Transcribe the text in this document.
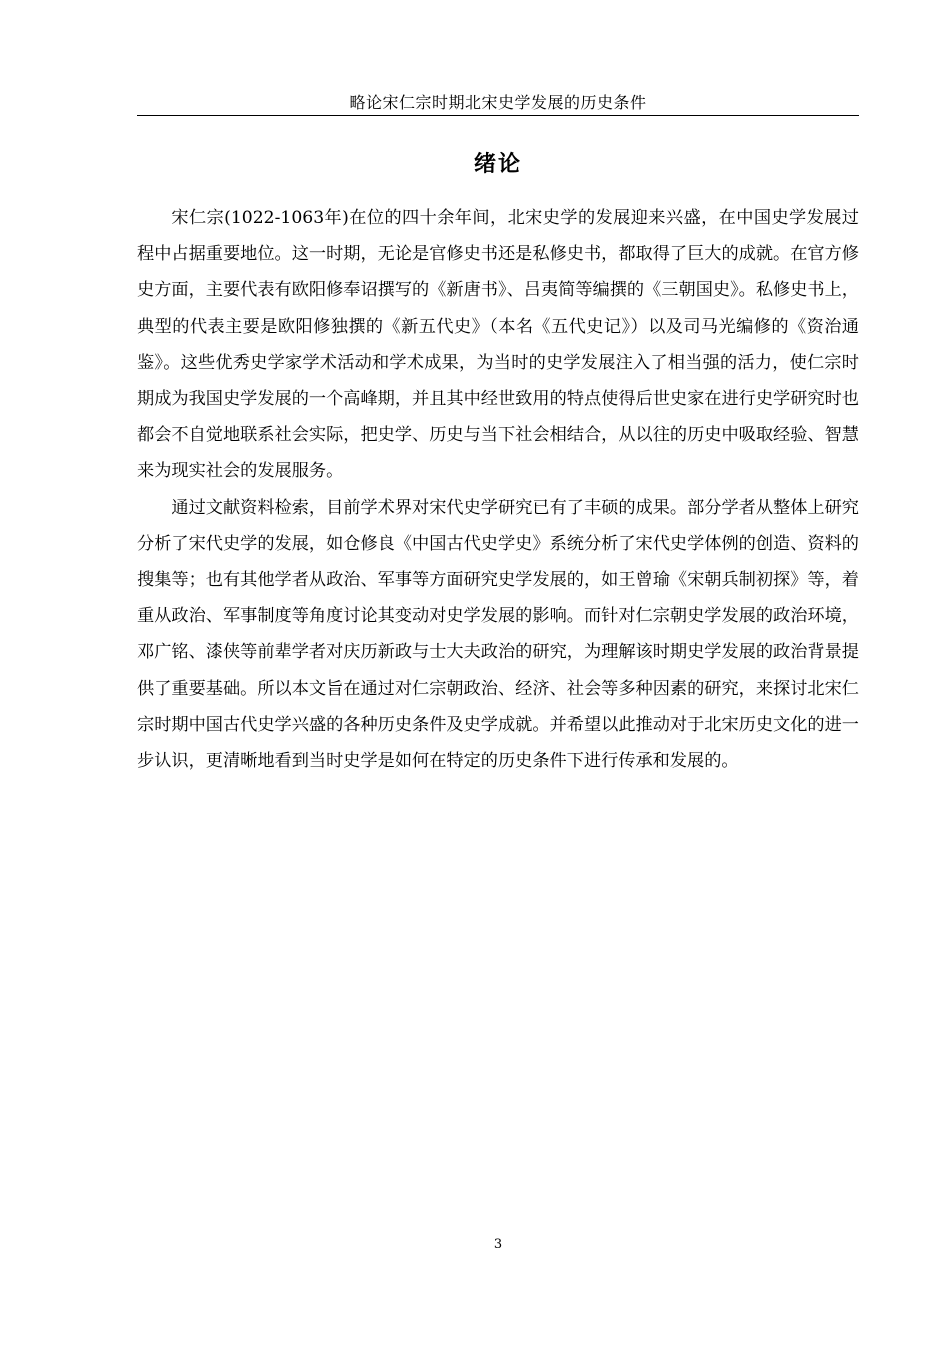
略论宋仁宗时期北宋史学发展的历史条件
绪论

宋仁宗(1022-1063年)在位的四十余年间，北宋史学的发展迎来兴盛，在中国史学发展过程中占据重要地位。这一时期，无论是官修史书还是私修史书，都取得了巨大的成就。在官方修史方面，主要代表有欧阳修奉诏撰写的《新唐书》、吕夷简等编撰的《三朝国史》。私修史书上，典型的代表主要是欧阳修独撰的《新五代史》（本名《五代史记》）以及司马光编修的《资治通鉴》。这些优秀史学家学术活动和学术成果，为当时的史学发展注入了相当强的活力，使仁宗时期成为我国史学发展的一个高峰期，并且其中经世致用的特点使得后世史家在进行史学研究时也都会不自觉地联系社会实际，把史学、历史与当下社会相结合，从以往的历史中吸取经验、智慧来为现实社会的发展服务。

通过文献资料检索，目前学术界对宋代史学研究已有了丰硕的成果。部分学者从整体上研究分析了宋代史学的发展，如仓修良《中国古代史学史》系统分析了宋代史学体例的创造、资料的搜集等；也有其他学者从政治、军事等方面研究史学发展的，如王曾瑜《宋朝兵制初探》等，着重从政治、军事制度等角度讨论其变动对史学发展的影响。而针对仁宗朝史学发展的政治环境，邓广铭、漆侠等前辈学者对庆历新政与士大夫政治的研究，为理解该时期史学发展的政治背景提供了重要基础。所以本文旨在通过对仁宗朝政治、经济、社会等多种因素的研究，来探讨北宋仁宗时期中国古代史学兴盛的各种历史条件及史学成就。并希望以此推动对于北宋历史文化的进一步认识，更清晰地看到当时史学是如何在特定的历史条件下进行传承和发展的。

3
